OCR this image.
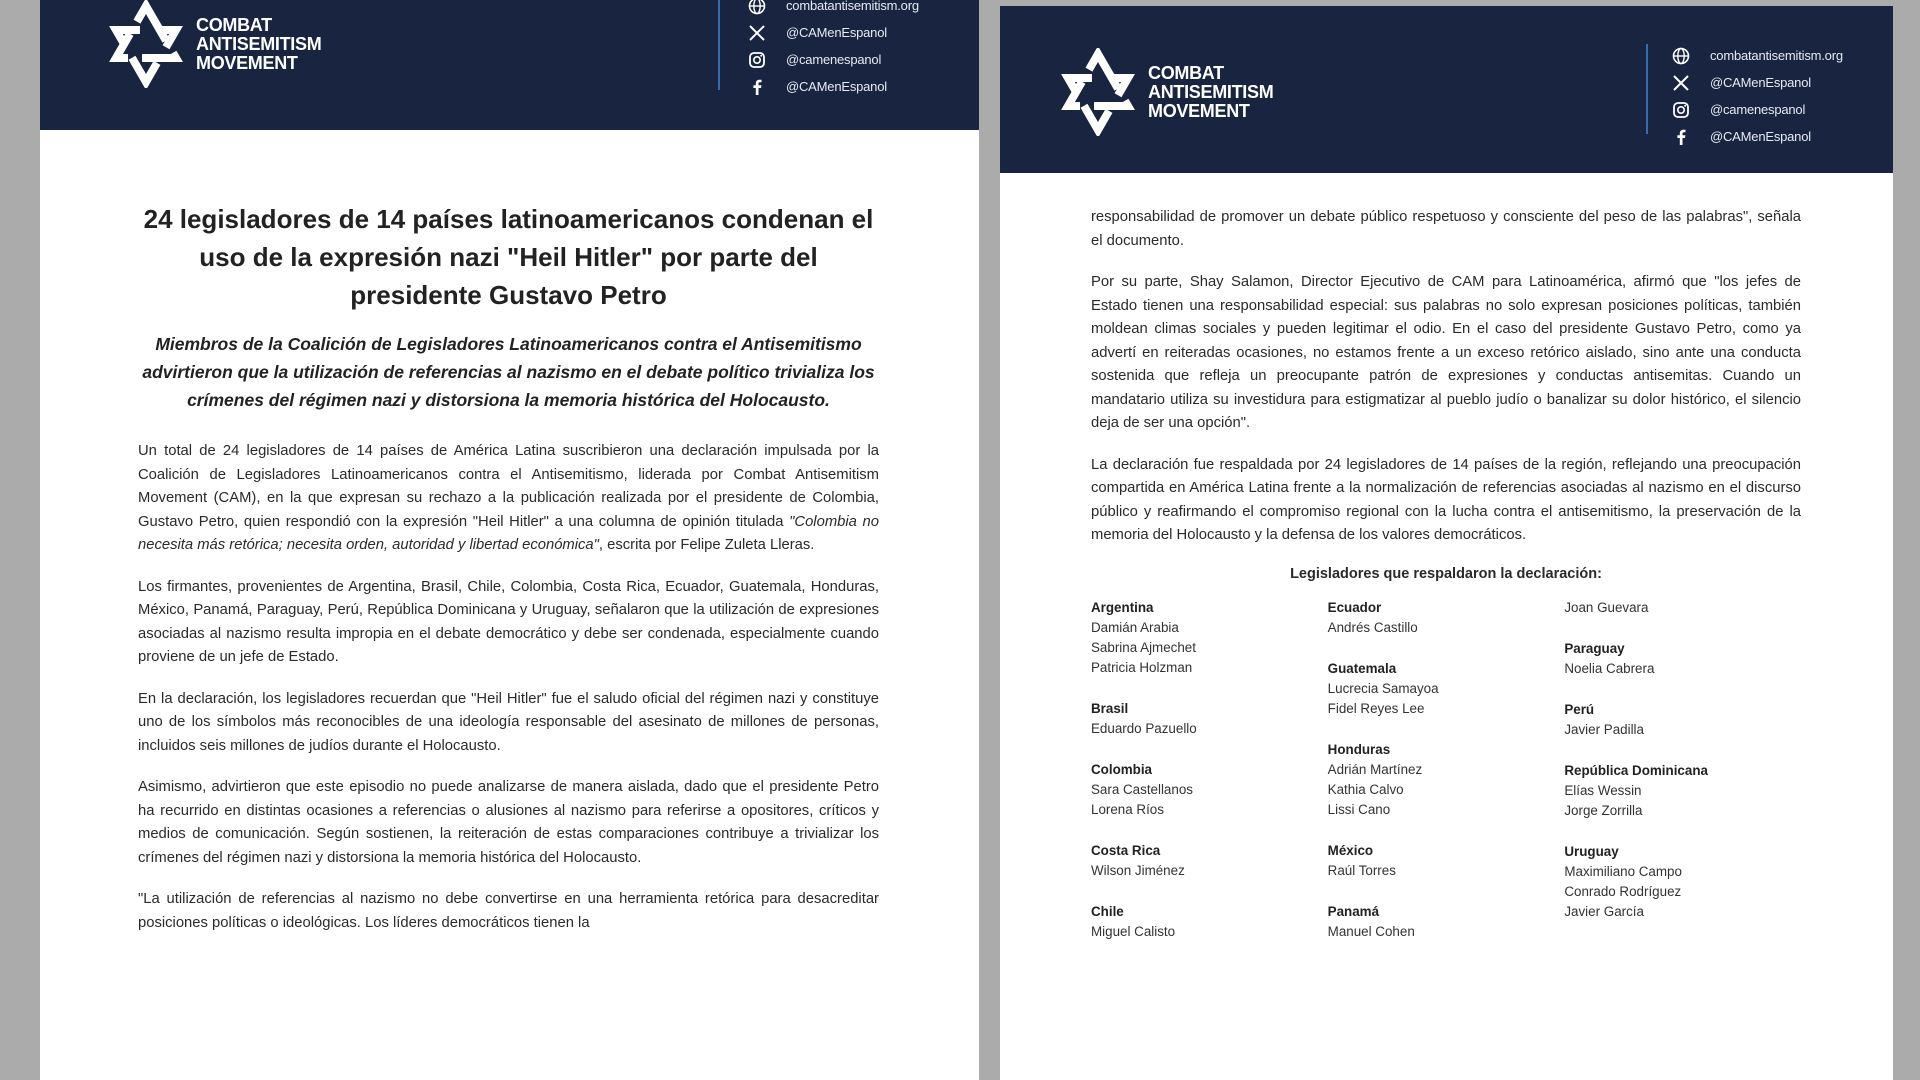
COMBAT
ANTISEMITISM
MOVEMENT
combatantisemitism.org
@CAMenEspanol
@camenespanol
@CAMenEspanol
24 legisladores de 14 países latinoamericanos condenan el uso de la expresión nazi "Heil Hitler" por parte del presidente Gustavo Petro
Miembros de la Coalición de Legisladores Latinoamericanos contra el Antisemitismo advirtieron que la utilización de referencias al nazismo en el debate político trivializa los crímenes del régimen nazi y distorsiona la memoria histórica del Holocausto.

Un total de 24 legisladores de 14 países de América Latina suscribieron una declaración impulsada por la Coalición de Legisladores Latinoamericanos contra el Antisemitismo, liderada por Combat Antisemitism Movement (CAM), en la que expresan su rechazo a la publicación realizada por el presidente de Colombia, Gustavo Petro, quien respondió con la expresión "Heil Hitler" a una columna de opinión titulada "Colombia no necesita más retórica; necesita orden, autoridad y libertad económica", escrita por Felipe Zuleta Lleras.

Los firmantes, provenientes de Argentina, Brasil, Chile, Colombia, Costa Rica, Ecuador, Guatemala, Honduras, México, Panamá, Paraguay, Perú, República Dominicana y Uruguay, señalaron que la utilización de expresiones asociadas al nazismo resulta impropia en el debate democrático y debe ser condenada, especialmente cuando proviene de un jefe de Estado.

En la declaración, los legisladores recuerdan que "Heil Hitler" fue el saludo oficial del régimen nazi y constituye uno de los símbolos más reconocibles de una ideología responsable del asesinato de millones de personas, incluidos seis millones de judíos durante el Holocausto.

Asimismo, advirtieron que este episodio no puede analizarse de manera aislada, dado que el presidente Petro ha recurrido en distintas ocasiones a referencias o alusiones al nazismo para referirse a opositores, críticos y medios de comunicación. Según sostienen, la reiteración de estas comparaciones contribuye a trivializar los crímenes del régimen nazi y distorsiona la memoria histórica del Holocausto.

"La utilización de referencias al nazismo no debe convertirse en una herramienta retórica para desacreditar posiciones políticas o ideológicas. Los líderes democráticos tienen la

COMBAT
ANTISEMITISM
MOVEMENT
combatantisemitism.org
@CAMenEspanol
@camenespanol
@CAMenEspanol

responsabilidad de promover un debate público respetuoso y consciente del peso de las palabras", señala el documento.

Por su parte, Shay Salamon, Director Ejecutivo de CAM para Latinoamérica, afirmó que "los jefes de Estado tienen una responsabilidad especial: sus palabras no solo expresan posiciones políticas, también moldean climas sociales y pueden legitimar el odio. En el caso del presidente Gustavo Petro, como ya advertí en reiteradas ocasiones, no estamos frente a un exceso retórico aislado, sino ante una conducta sostenida que refleja un preocupante patrón de expresiones y conductas antisemitas. Cuando un mandatario utiliza su investidura para estigmatizar al pueblo judío o banalizar su dolor histórico, el silencio deja de ser una opción".

La declaración fue respaldada por 24 legisladores de 14 países de la región, reflejando una preocupación compartida en América Latina frente a la normalización de referencias asociadas al nazismo en el discurso público y reafirmando el compromiso regional con la lucha contra el antisemitismo, la preservación de la memoria del Holocausto y la defensa de los valores democráticos.

Legisladores que respaldaron la declaración:
Argentina
Damián Arabia
Sabrina Ajmechet
Patricia Holzman
Brasil
Eduardo Pazuello
Colombia
Sara Castellanos
Lorena Ríos
Costa Rica
Wilson Jiménez
Chile
Miguel Calisto
Ecuador
Andrés Castillo
Guatemala
Lucrecia Samayoa
Fidel Reyes Lee
Honduras
Adrián Martínez
Kathia Calvo
Lissi Cano
México
Raúl Torres
Panamá
Manuel Cohen
Joan Guevara
Paraguay
Noelia Cabrera
Perú
Javier Padilla
República Dominicana
Elías Wessin
Jorge Zorrilla
Uruguay
Maximiliano Campo
Conrado Rodríguez
Javier García
